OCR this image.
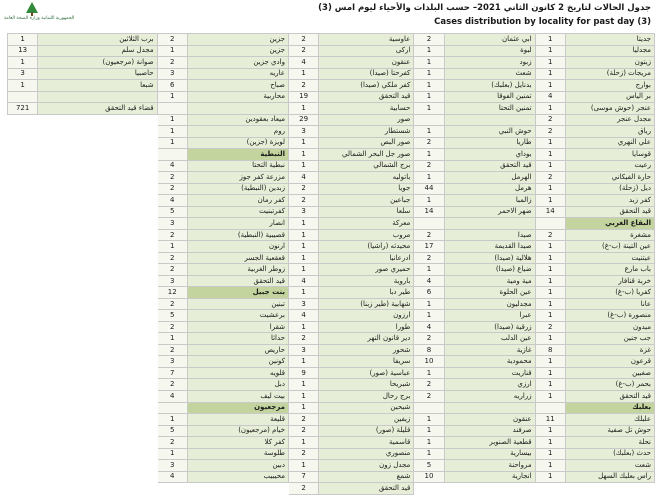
الجمهورية اللبنانية وزارة الصحة العامة
جدول الحالات لتاريخ 2 كانون الثاني 2021– حسب البلدات والأحياء ليوم امس (3)
Cases distribution by locality for past day (3)
1	برب الثلاثين	2	جزين	2	عاوسية	2	ابي عثمان	1	جديتا
13	مجدل سلم	1	جزين	2	ارکی	1	لبوة	1	مجدليا
1	صوانة (مرجعيون)	2	وادي جزين	4	عنقون	1	زبود	1	زيتون
3	حاصبيا	3	عاريه	1	كفرحتا (صيدا)	1	شعث	1	مريجات (زحلة)
1	شبعا	6	صباح	2	كفر ملكي (صيدا)	1	بدنايل (بعلبك)	1	بوارج
		1	محاربية	19	قيد التحقق	1	تمنين الفوقا	4	بر الياس
721	قضاء قيد التحقق			1	حسابية	1	تمنين التحتا	1	عنجر (حوش موسى)
		1	ميعاد بعقودين	29	صور			2	مجدل عنجر
		1	روم	3	شستطار	1	حوش النبي	2	رياق
		1	لويزة (جزين)	1	صور البص	2	طاريا	1	علي النهري
			النبطية	1	صور جل البحر الشمالي	1	بوداي	1	قوسايا
		4	نبطية التحتا	1	برج الشمالي	2	قيد التحقق	1	رعيت
		2	مزرعة كفر جوز	4	باتوليه	1	الهرمل	2	حارة الفيكاني
		2	زبدين (النبطية)	2	جويا	44	هرمل	1	ديل (زحلة)
		4	كفر رمان	2	جباعين	1	زالمبا	1	كفر زبد
		5	كفرتبنيت	3	سلعا	14	ضهر الاحمر	14	قيد التحقق
		3	انصار	1	معركة				البقاع الغربي
		2	قصيبية (النبطية)	1	مروب	2	صيدا	2	مشغرة
		1	ارنون	1	محيدثه (راشيا)	17	صيدا القديمة	1	عين التينة (ب-غ)
		2	قعقعية الجسر	1	ادرعانيا	2	هلالية (صيدا)	1	عيتنيت
		2	زوطر الغربية	1	حمیري صور	1	ضياع (صيدا)	1	باب مارع
		3	قيد التحقق	4	باروية	4	مية ومية	1	خربة قنافار
		12	بنت جبيل	1	طير دبا	6	عين الحلوة	1	كفريا (ب-غ)
		2	تبنين	3	شهابية (طير زبنا)	1	مجدليون	1	عانا
		5	برعشيت	4	ارزون	1	عبرا	1	منصورة (ب-غ)
		2	شقرا	1	طورا	4	زرقية (صيدا)	2	ميدون
		1	حداثا	2	دير قانون النهر	2	عين الدلب	1	جب جنين
		2	حاريص	3	شحور	8	غازية	8	غزة
		3	كونين	1	سريفا	10	محمودية	1	قرعون
		7	قلويه	9	عباسية (صور)	1	قناريت	1	صغبين
		2	دبل	1	شبريحا	2	ارزي	1	بحمر (ب-غ)
		4	بيت ليف	1	برج رحال	2	زراريه	1	قيد التحقق
			مرجعيون	1	شيحين				بعلبك
		1	قليعة	2	زيفين	1	عنقون	11	علبلك
		5	خيام (مرجعيون)	2	قليلة (صور)	1	صرفند	1	حوش تل صفية
		2	كفر كلا	1	قاسمية	1	قطعية الصنوبر	1	نحلة
		1	طلوسة	2	منصوري	1	بيسارية	1	حدث (بعلبك)
		3	دبين	1	مجدل زون	5	مرواحنة	1	شعت
		4	محيبيب	7	شمع	10	انجارية	1	راس بعلبك السهل
				2	قيد التحقق				
